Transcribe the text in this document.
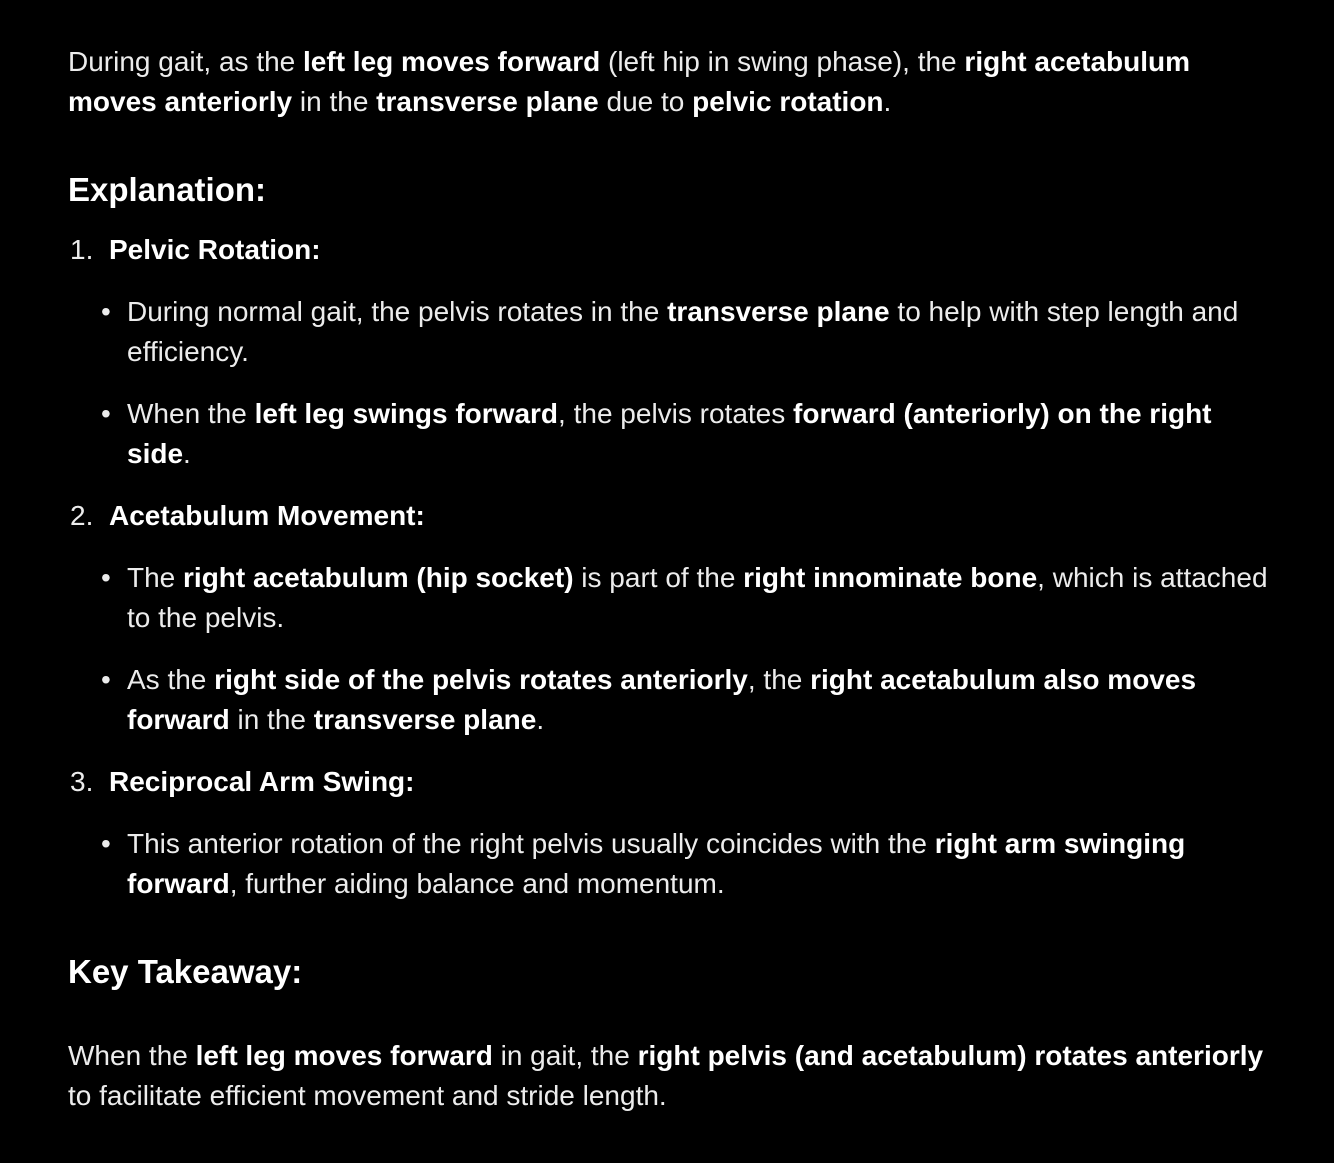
During gait, as the left leg moves forward (left hip in swing phase), the right acetabulum moves anteriorly in the transverse plane due to pelvic rotation.

Explanation:
1. Pelvic Rotation:

• During normal gait, the pelvis rotates in the transverse plane to help with step length and efficiency.

• When the left leg swings forward, the pelvis rotates forward (anteriorly) on the right side.

2. Acetabulum Movement:

• The right acetabulum (hip socket) is part of the right innominate bone, which is attached to the pelvis.

• As the right side of the pelvis rotates anteriorly, the right acetabulum also moves forward in the transverse plane.

3. Reciprocal Arm Swing:

• This anterior rotation of the right pelvis usually coincides with the right arm swinging forward, further aiding balance and momentum.

Key Takeaway:

When the left leg moves forward in gait, the right pelvis (and acetabulum) rotates anteriorly to facilitate efficient movement and stride length.
